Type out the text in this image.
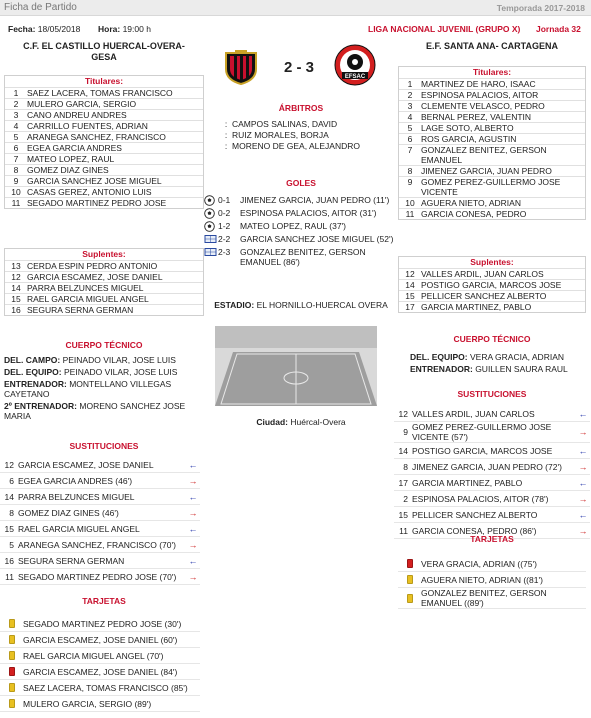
Ficha de Partido	Temporada 2017-2018
Fecha: 18/05/2018 Hora: 19:00 h	LIGA NACIONAL JUVENIL (GRUPO X) Jornada 32
C.F. EL CASTILLO HUERCAL-OVERA-
GESA
E.F. SANTA ANA- CARTAGENA
2 - 3
EFSAC
Titulares:
1	SAEZ LACERA, TOMAS FRANCISCO
2	MULERO GARCIA, SERGIO
3	CANO ANDREU ANDRES
4	CARRILLO FUENTES, ADRIAN
5	ARANEGA SANCHEZ, FRANCISCO
6	EGEA GARCIA ANDRES
7	MATEO LOPEZ, RAUL
8	GOMEZ DIAZ GINES
9	GARCIA SANCHEZ JOSE MIGUEL
10 CASAS GEREZ, ANTONIO LUIS
11 SEGADO MARTINEZ PEDRO JOSE
Suplentes:
13 CERDA ESPIN PEDRO ANTONIO
12 GARCIA ESCAMEZ, JOSE DANIEL
14 PARRA BELZUNCES MIGUEL
15 RAEL GARCIA MIGUEL ANGEL
16 SEGURA SERNA GERMAN
CUERPO TÉCNICO
DEL. CAMPO: PEINADO VILAR, JOSE LUIS
DEL. EQUIPO: PEINADO VILAR, JOSE LUIS
ENTRENADOR: MONTELLANO VILLEGAS CAYETANO
2º ENTRENADOR: MORENO SANCHEZ JOSE MARIA
SUSTITUCIONES
12 GARCIA ESCAMEZ, JOSE DANIEL	←
6 EGEA GARCIA ANDRES (46')	→
14 PARRA BELZUNCES MIGUEL	←
8 GOMEZ DIAZ GINES (46')	→
15 RAEL GARCIA MIGUEL ANGEL	←
5 ARANEGA SANCHEZ, FRANCISCO (70')	→
16 SEGURA SERNA GERMAN	←
11 SEGADO MARTINEZ PEDRO JOSE (70')	→
TARJETAS
SEGADO MARTINEZ PEDRO JOSE (30')
GARCIA ESCAMEZ, JOSE DANIEL (60')
RAEL GARCIA MIGUEL ANGEL (70')
GARCIA ESCAMEZ, JOSE DANIEL (84')
SAEZ LACERA, TOMAS FRANCISCO (85')
MULERO GARCIA, SERGIO (89')
ÁRBITROS
: CAMPOS SALINAS, DAVID
: RUIZ MORALES, BORJA
: MORENO DE GEA, ALEJANDRO
GOLES
0-1	JIMENEZ GARCIA, JUAN PEDRO (11')
0-2	ESPINOSA PALACIOS, AITOR (31')
1-2	MATEO LOPEZ, RAUL (37')
2-2	GARCIA SANCHEZ JOSE MIGUEL (52')
2-3	GONZALEZ BENITEZ, GERSON EMANUEL (86')
ESTADIO: EL HORNILLO-HUERCAL OVERA
Ciudad: Huércal-Overa
Titulares:
1	MARTINEZ DE HARO, ISAAC
2	ESPINOSA PALACIOS, AITOR
3	CLEMENTE VELASCO, PEDRO
4	BERNAL PEREZ, VALENTIN
5	LAGE SOTO, ALBERTO
6	ROS GARCIA, AGUSTIN
7	GONZALEZ BENITEZ, GERSON EMANUEL
8	JIMENEZ GARCIA, JUAN PEDRO
9	GOMEZ PEREZ-GUILLERMO JOSE VICENTE
10 AGUERA NIETO, ADRIAN
11 GARCIA CONESA, PEDRO
Suplentes:
12 VALLES ARDIL, JUAN CARLOS
14 POSTIGO GARCIA, MARCOS JOSE
15 PELLICER SANCHEZ ALBERTO
17 GARCIA MARTINEZ, PABLO
CUERPO TÉCNICO
DEL. EQUIPO: VERA GRACIA, ADRIAN
ENTRENADOR: GUILLEN SAURA RAUL
SUSTITUCIONES
12 VALLES ARDIL, JUAN CARLOS	←
9 GOMEZ PEREZ-GUILLERMO JOSE VICENTE (57')	→
14 POSTIGO GARCIA, MARCOS JOSE	←
8 JIMENEZ GARCIA, JUAN PEDRO (72')	→
17 GARCIA MARTINEZ, PABLO	←
2 ESPINOSA PALACIOS, AITOR (78')	→
15 PELLICER SANCHEZ ALBERTO	←
11 GARCIA CONESA, PEDRO (86')	→
TARJETAS
VERA GRACIA, ADRIAN ((75')
AGUERA NIETO, ADRIAN ((81')
GONZALEZ BENITEZ, GERSON EMANUEL ((89')
